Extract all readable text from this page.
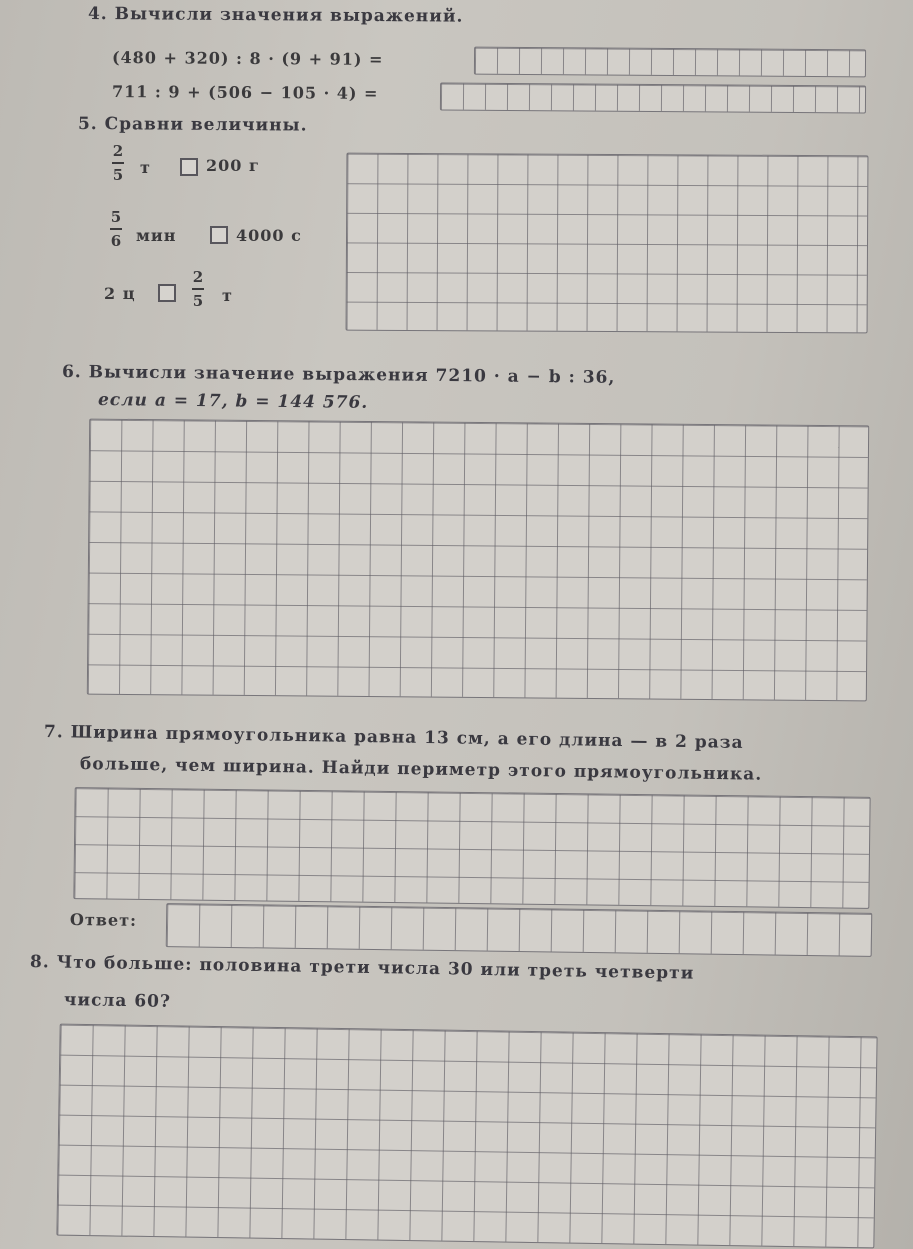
4. Вычисли значения выражений.
(480 + 320) : 8 · (9 + 91) =
711 : 9 + (506 − 105 · 4) =
5. Сравни величины.
2
5 т	200 г
5
6 мин	4000 с
2 ц
2
5 т
6. Вычисли значение выражения 7210 · a − b : 36,
если a = 17, b = 144 576.
7. Ширина прямоугольника равна 13 см, а его длина — в 2 раза
больше, чем ширина. Найди периметр этого прямоугольника.
Ответ:
8. Что больше: половина трети числа 30 или треть четверти
числа 60?
